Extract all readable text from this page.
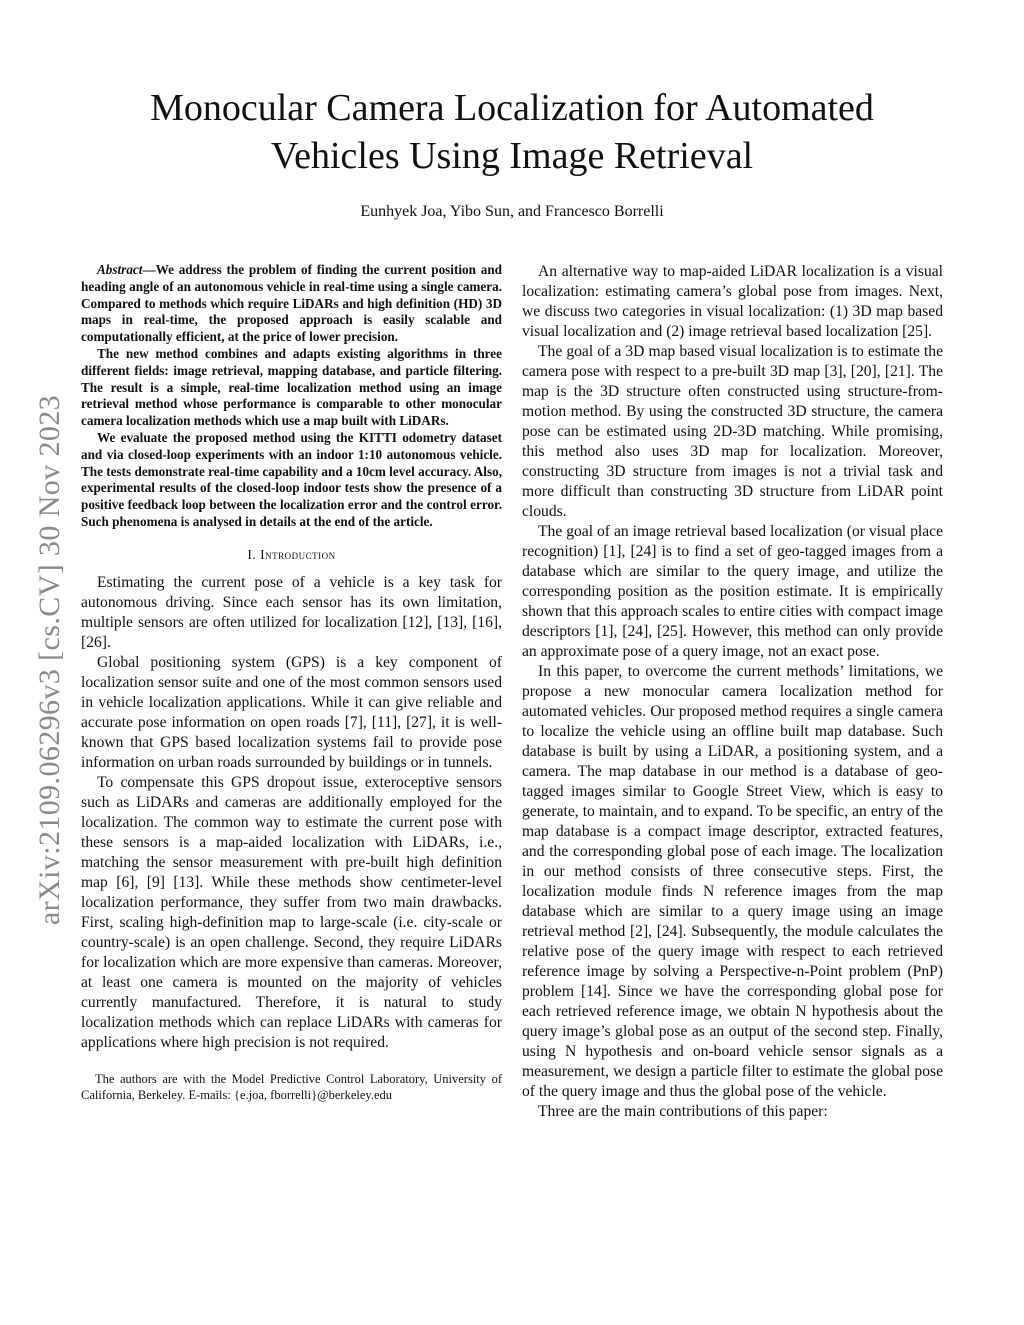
Monocular Camera Localization for Automated
Vehicles Using Image Retrieval
Eunhyek Joa, Yibo Sun, and Francesco Borrelli
arXiv:2109.06296v3 [cs.CV] 30 Nov 2023

Abstract—We address the problem of finding the current position and heading angle of an autonomous vehicle in real-time using a single camera. Compared to methods which require LiDARs and high definition (HD) 3D maps in real-time, the proposed approach is easily scalable and computationally efficient, at the price of lower precision.

The new method combines and adapts existing algorithms in three different fields: image retrieval, mapping database, and particle filtering. The result is a simple, real-time localization method using an image retrieval method whose performance is comparable to other monocular camera localization methods which use a map built with LiDARs.

We evaluate the proposed method using the KITTI odometry dataset and via closed-loop experiments with an indoor 1:10 autonomous vehicle. The tests demonstrate real-time capability and a 10cm level accuracy. Also, experimental results of the closed-loop indoor tests show the presence of a positive feedback loop between the localization error and the control error. Such phenomena is analysed in details at the end of the article.

I. Introduction

Estimating the current pose of a vehicle is a key task for autonomous driving. Since each sensor has its own limitation, multiple sensors are often utilized for localization [12], [13], [16], [26].

Global positioning system (GPS) is a key component of localization sensor suite and one of the most common sensors used in vehicle localization applications. While it can give reliable and accurate pose information on open roads [7], [11], [27], it is well-known that GPS based localization systems fail to provide pose information on urban roads surrounded by buildings or in tunnels.

To compensate this GPS dropout issue, exteroceptive sensors such as LiDARs and cameras are additionally employed for the localization. The common way to estimate the current pose with these sensors is a map-aided localization with LiDARs, i.e., matching the sensor measurement with pre-built high definition map [6], [9] [13]. While these methods show centimeter-level localization performance, they suffer from two main drawbacks. First, scaling high-definition map to large-scale (i.e. city-scale or country-scale) is an open challenge. Second, they require LiDARs for localization which are more expensive than cameras. Moreover, at least one camera is mounted on the majority of vehicles currently manufactured. Therefore, it is natural to study localization methods which can replace LiDARs with cameras for applications where high precision is not required.

The authors are with the Model Predictive Control Laboratory, University of California, Berkeley. E-mails: {e.joa, fborrelli}@berkeley.edu

An alternative way to map-aided LiDAR localization is a visual localization: estimating camera’s global pose from images. Next, we discuss two categories in visual localization: (1) 3D map based visual localization and (2) image retrieval based localization [25].

The goal of a 3D map based visual localization is to estimate the camera pose with respect to a pre-built 3D map [3], [20], [21]. The map is the 3D structure often constructed using structure-from-motion method. By using the constructed 3D structure, the camera pose can be estimated using 2D-3D matching. While promising, this method also uses 3D map for localization. Moreover, constructing 3D structure from images is not a trivial task and more difficult than constructing 3D structure from LiDAR point clouds.

The goal of an image retrieval based localization (or visual place recognition) [1], [24] is to find a set of geo-tagged images from a database which are similar to the query image, and utilize the corresponding position as the position estimate. It is empirically shown that this approach scales to entire cities with compact image descriptors [1], [24], [25]. However, this method can only provide an approximate pose of a query image, not an exact pose.

In this paper, to overcome the current methods’ limitations, we propose a new monocular camera localization method for automated vehicles. Our proposed method requires a single camera to localize the vehicle using an offline built map database. Such database is built by using a LiDAR, a positioning system, and a camera. The map database in our method is a database of geo-tagged images similar to Google Street View, which is easy to generate, to maintain, and to expand. To be specific, an entry of the map database is a compact image descriptor, extracted features, and the corresponding global pose of each image. The localization in our method consists of three consecutive steps. First, the localization module finds N reference images from the map database which are similar to a query image using an image retrieval method [2], [24]. Subsequently, the module calculates the relative pose of the query image with respect to each retrieved reference image by solving a Perspective-n-Point problem (PnP) problem [14]. Since we have the corresponding global pose for each retrieved reference image, we obtain N hypothesis about the query image’s global pose as an output of the second step. Finally, using N hypothesis and on-board vehicle sensor signals as a measurement, we design a particle filter to estimate the global pose of the query image and thus the global pose of the vehicle.

Three are the main contributions of this paper:
